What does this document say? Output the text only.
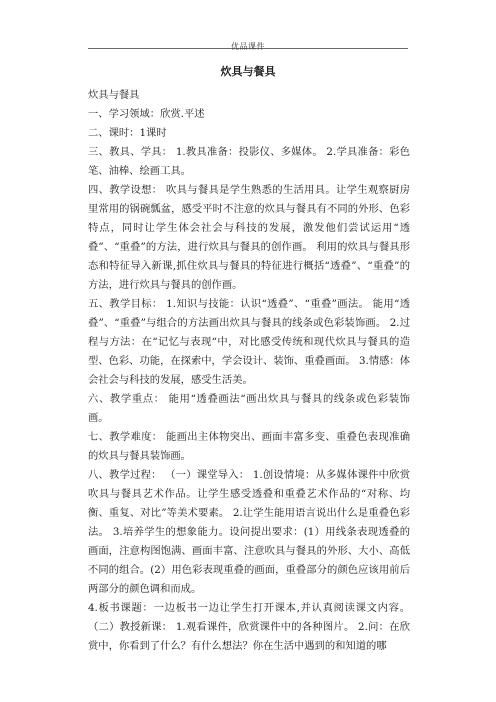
优品课件
炊具与餐具

炊具与餐具

一、学习领域：欣赏.平述

二、课时：1课时

三、教具、学具： 1.教具准备：投影仪、多媒体。 2.学具准备：彩色笔、油棒、绘画工具。

四、教学设想： 吹具与餐具是学生熟悉的生活用具。让学生观察厨房里常用的锅碗瓢盆，感受平时不注意的炊具与餐具有不同的外形、色彩特点，同时让学生体会社会与科技的发展，激发他们尝试运用“透叠”、“重叠”的方法，进行炊具与餐具的创作画。 利用的炊具与餐具形态和特征导入新课,抓住炊具与餐具的特征进行概括“透叠”、“重叠”的方法，进行炊具与餐具的创作画。

五、教学目标： 1.知识与技能：认识“透叠”、“重叠”画法。 能用“透叠”、“重叠”与组合的方法画出炊具与餐具的线条或色彩装饰画。 2.过程与方法：在“记忆与表现“中，对比感受传统和现代炊具与餐具的造型、色彩、功能，在探索中，学会设计、装饰、重叠画面。 3.情感：体会社会与科技的发展，感受生活美。

六、教学重点： 能用“透叠画法“画出炊具与餐具的线条或色彩装饰画。

七、教学难度： 能画出主体物突出、画面丰富多变、重叠色表现准确的炊具与餐具装饰画。

八、教学过程： （一）课堂导入： 1.创设情境：从多媒体课件中欣赏吹具与餐具艺术作品。让学生感受透叠和重叠艺术作品的“对称、均衡、重复、对比”等美术要素。 2.让学生能用语言说出什么是重叠色彩法。 3.培养学生的想象能力。设问提出要求：(1）用线条表现透叠的画面，注意构图饱满、画面丰富、注意吹具与餐具的外形、大小、高低不同的组合。(2）用色彩表现重叠的画面，重叠部分的颜色应该用前后两部分的颜色调和而成。

4.板书课题：一边板书一边让学生打开课本,并认真阅读课文内容。 （二）教授新课： 1.观看课件，欣赏课件中的各种图片。 2.问：在欣赏中，你看到了什么？有什么想法？你在生活中遇到的和知道的哪
